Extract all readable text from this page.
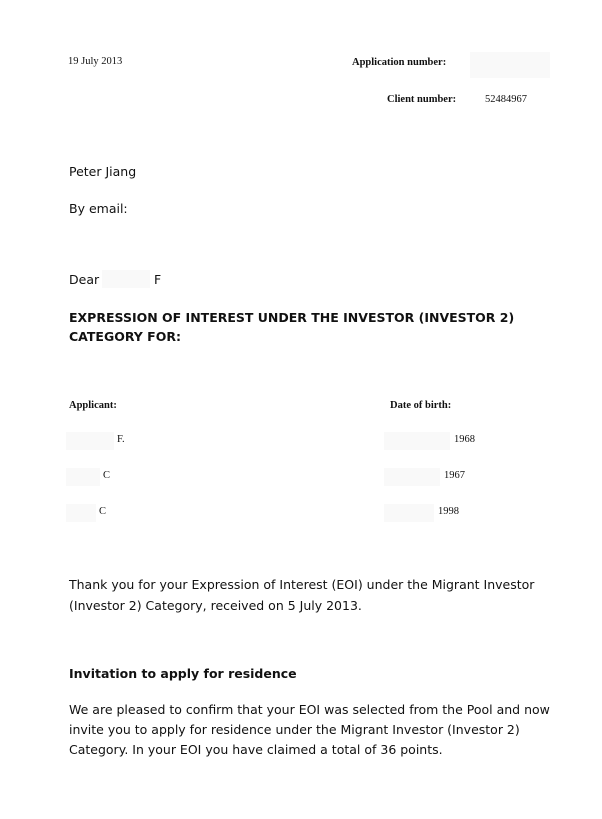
19 July 2013	Application number:
Client number:	52484967
Peter Jiang
By email:
Dear	F
EXPRESSION OF INTEREST UNDER THE INVESTOR (INVESTOR 2)
CATEGORY FOR:
Applicant:	Date of birth:
F.	1968
C	1967
C	1998
Thank you for your Expression of Interest (EOI) under the Migrant Investor
(Investor 2) Category, received on 5 July 2013.
Invitation to apply for residence
We are pleased to confirm that your EOI was selected from the Pool and now
invite you to apply for residence under the Migrant Investor (Investor 2)
Category. In your EOI you have claimed a total of 36 points.
